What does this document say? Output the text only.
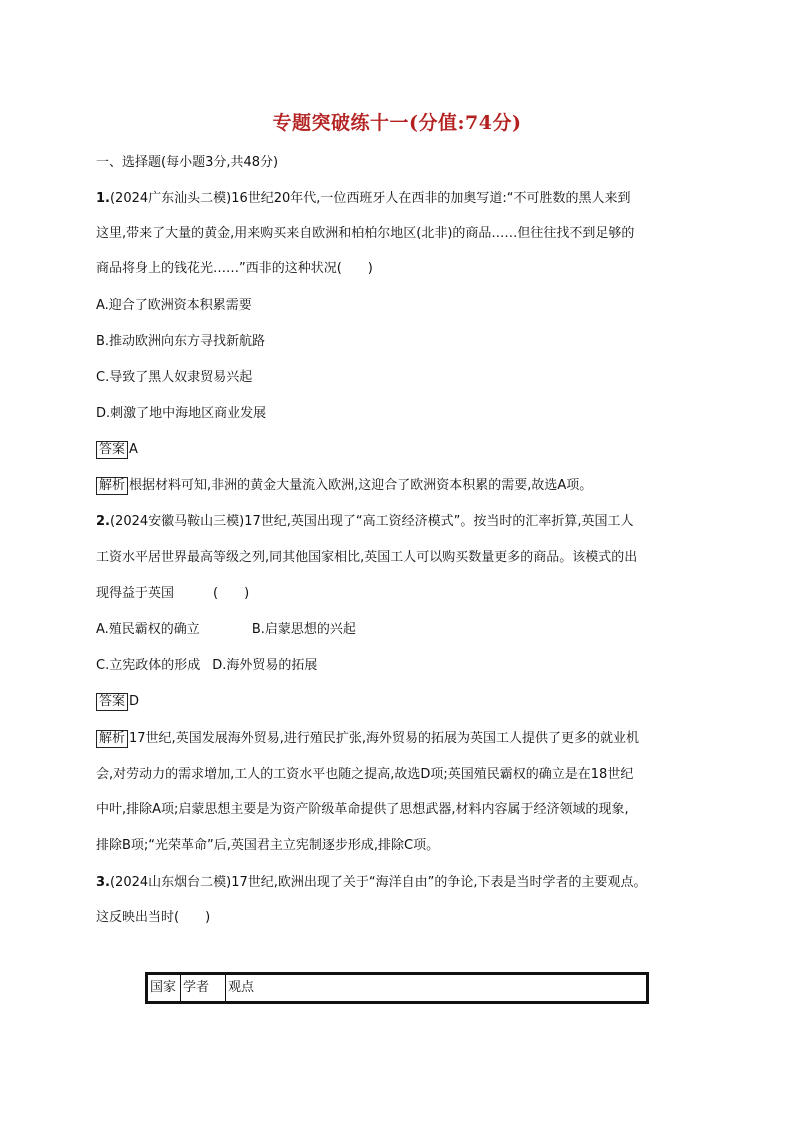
专题突破练十一(分值:74分)
一、选择题(每小题3分,共48分)
1.(2024广东汕头二模)16世纪20年代,一位西班牙人在西非的加奥写道:“不可胜数的黑人来到
这里,带来了大量的黄金,用来购买来自欧洲和柏柏尔地区(北非)的商品……但往往找不到足够的
商品将身上的钱花光……”西非的这种状况(　　)
A.迎合了欧洲资本积累需要
B.推动欧洲向东方寻找新航路
C.导致了黑人奴隶贸易兴起
D.刺激了地中海地区商业发展
答案 A
解析 根据材料可知,非洲的黄金大量流入欧洲,这迎合了欧洲资本积累的需要,故选A项。
2.(2024安徽马鞍山三模)17世纪,英国出现了“高工资经济模式”。按当时的汇率折算,英国工人
工资水平居世界最高等级之列,同其他国家相比,英国工人可以购买数量更多的商品。该模式的出
现得益于英国　　　(　　)
A.殖民霸权的确立	B.启蒙思想的兴起
C.立宪政体的形成 D.海外贸易的拓展
答案 D
解析 17世纪,英国发展海外贸易,进行殖民扩张,海外贸易的拓展为英国工人提供了更多的就业机
会,对劳动力的需求增加,工人的工资水平也随之提高,故选D项;英国殖民霸权的确立是在18世纪
中叶,排除A项;启蒙思想主要是为资产阶级革命提供了思想武器,材料内容属于经济领域的现象,
排除B项;“光荣革命”后,英国君主立宪制逐步形成,排除C项。
3.(2024山东烟台二模)17世纪,欧洲出现了关于“海洋自由”的争论,下表是当时学者的主要观点。
这反映出当时(　　)
国家	学者	观点
